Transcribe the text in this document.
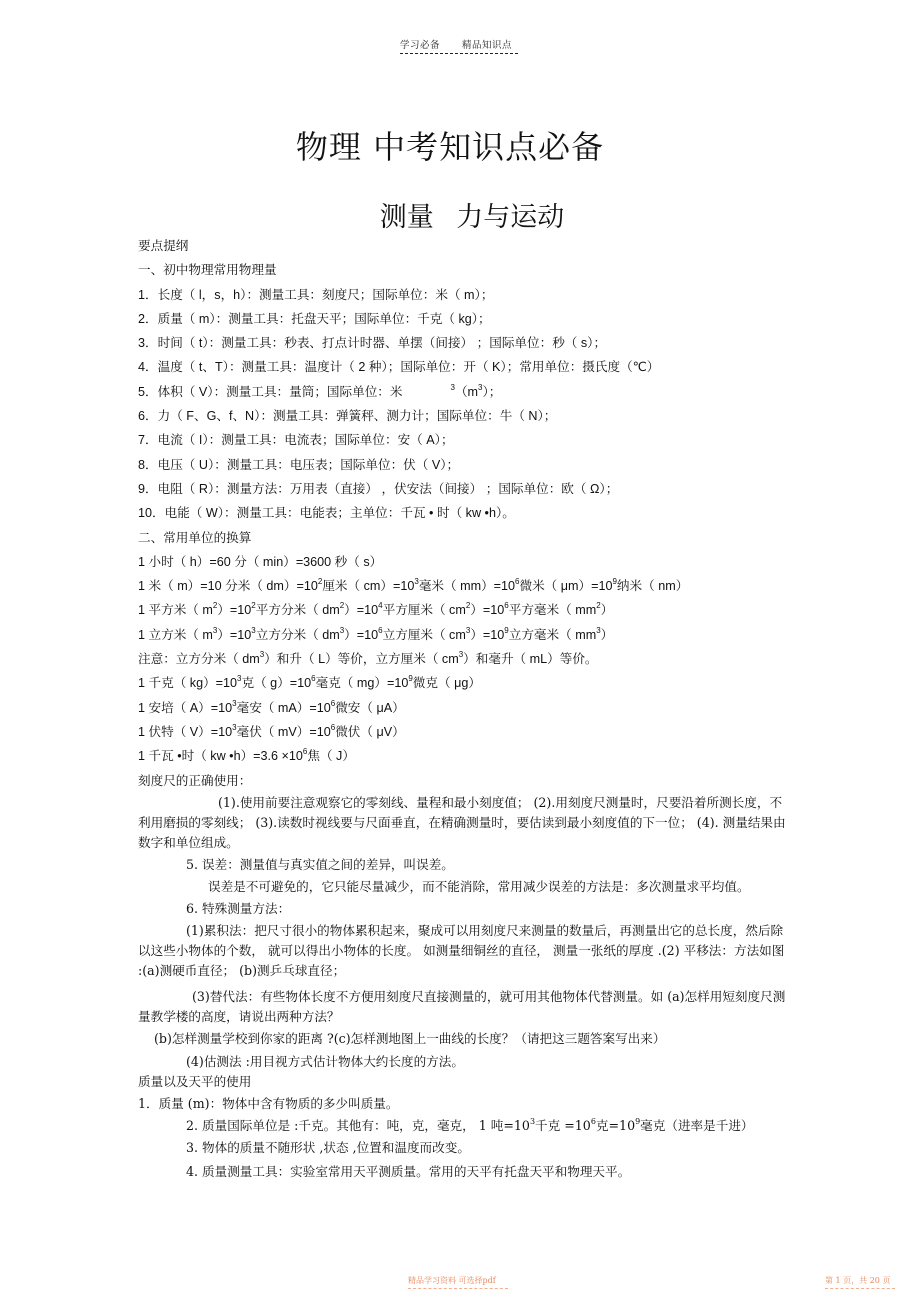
学习必备 精品知识点
物理 中考知识点必备
测量 力与运动
要点提纲
一、初中物理常用物理量
1．长度（ l，s，h）：测量工具：刻度尺；国际单位：米（ m）；
2．质量（ m）：测量工具：托盘天平；国际单位：千克（ kg）；
3．时间（ t）：测量工具：秒表、打点计时器、单摆（间接） ；国际单位：秒（ s）；
4．温度（ t、T）：测量工具：温度计（ 2 种）；国际单位：开（ K）；常用单位：摄氏度（℃）
5．体积（ V）：测量工具：量筒；国际单位：米	$^3(m^3)$；
6．力（ F、G、f、N）：测量工具：弹簧秤、测力计；国际单位：牛（ N）；
7．电流（ I）：测量工具：电流表；国际单位：安（ A）；
8．电压（ U）：测量工具：电压表；国际单位：伏（ V）；
9．电阻（ R）：测量方法：万用表（直接） ，伏安法（间接） ；国际单位：欧（ Ω）；
10．电能（ W）：测量工具：电能表；主单位：千瓦 • 时（ kw •h）。
二、常用单位的换算
1 小时（ h）=60 分（ min）=3600 秒（ s）
1 米（ m）=10 分米（ $dm)=10^2$厘米（ $cm)=10^3$毫米（ $mm)=10^6$微米（ $\mu m)=10^9$纳米（ nm）
1 平方米（ $m^2)=10^2$平方分米（ $dm^2)=10^4$平方厘米（ $cm^2)=10^6$平方毫米（ $mm^2$）
1 立方米（ $m^3)=10^3$立方分米（ $dm^3)=10^6$立方厘米（ $cm^3)=10^9$立方毫米（ $mm^3$）
注意：立方分米（ $dm^3$）和升（ L）等价，立方厘米（ $cm^3$）和毫升（ mL）等价。
1 千克（ $kg)=10^3$克（ $g)=10^6$毫克（ $mg)=10^9$微克（ μg）
1 安培（ $A)=10^3$毫安（ $mA)=10^6$微安（ μA）
1 伏特（ $V)=10^3$毫伏（ $mV)=10^6$微伏（ μV）
1 千瓦 •时（ kw •h）=3.6 $\times 10^6$焦（ J）
刻度尺的正确使用：
(1).使用前要注意观察它的零刻线、量程和最小刻度值； (2).用刻度尺测量时，尺要沿着所测长度，不利用磨损的零刻线； (3).读数时视线要与尺面垂直，在精确测量时，要估读到最小刻度值的下一位； (4). 测量结果由数字和单位组成。
5. 误差：测量值与真实值之间的差异，叫误差。
误差是不可避免的，它只能尽量减少，而不能消除，常用减少误差的方法是：多次测量求平均值。
6. 特殊测量方法：
(1)累积法：把尺寸很小的物体累积起来，聚成可以用刻度尺来测量的数量后，再测量出它的总长度，然后除以这些小物体的个数， 就可以得出小物体的长度。 如测量细铜丝的直径， 测量一张纸的厚度 .(2) 平移法：方法如图 :(a)测硬币直径； (b)测乒乓球直径；
(3)替代法：有些物体长度不方便用刻度尺直接测量的，就可用其他物体代替测量。如 (a)怎样用短刻度尺测量教学楼的高度，请说出两种方法？
(b)怎样测量学校到你家的距离 ?(c)怎样测地图上一曲线的长度？（请把这三题答案写出来）
(4)估测法 :用目视方式估计物体大约长度的方法。
质量以及天平的使用
1．质量 (m)：物体中含有物质的多少叫质量。
2. 质量国际单位是 :千克。其他有：吨，克，毫克， 1 吨$=10^3$千克 $=10^6$克$=10^9$毫克（进率是千进）
3. 物体的质量不随形状 ,状态 ,位置和温度而改变。
4. 质量测量工具：实验室常用天平测质量。常用的天平有托盘天平和物理天平。
精品学习资料 可选择pdf	第 1 页，共 20 页
